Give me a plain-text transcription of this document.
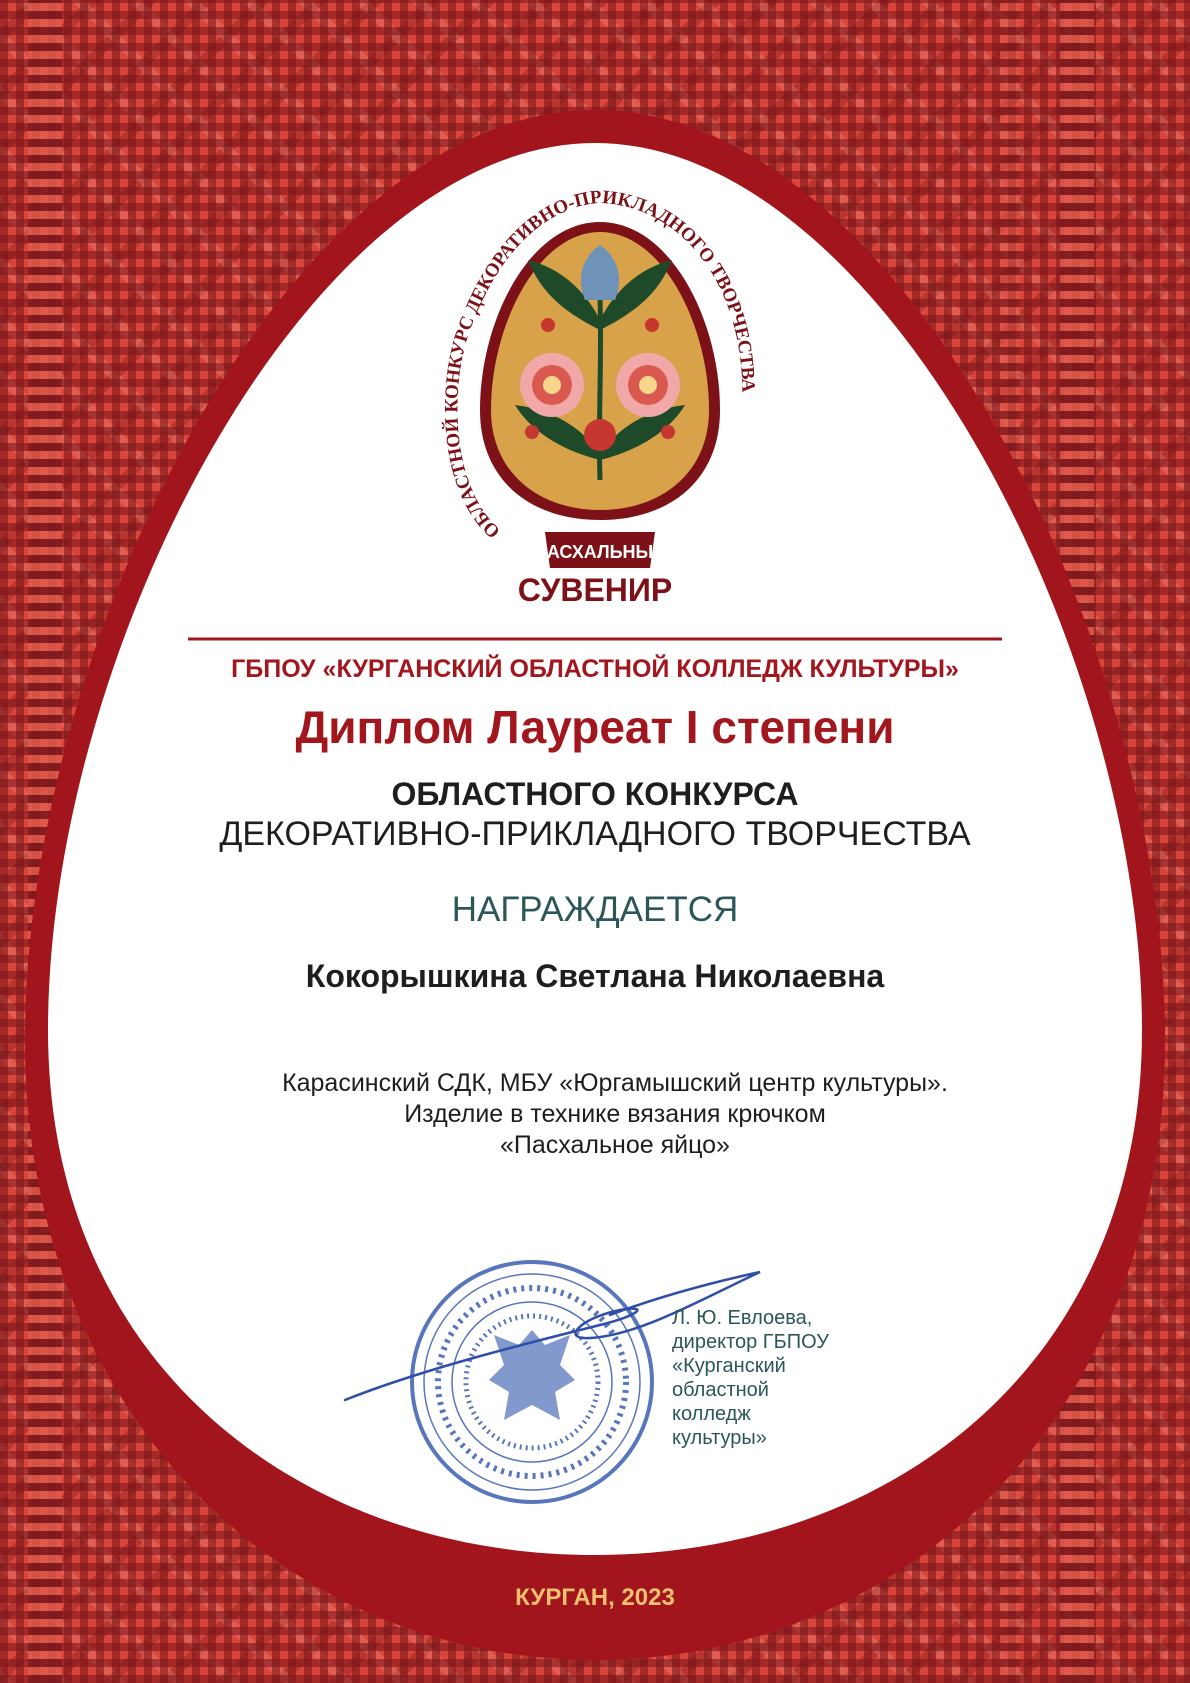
ОБЛАСТНОЙ КОНКУРС ДЕКОРАТИВНО-ПРИКЛАДНОГО ТВОРЧЕСТВА
ПАСХАЛЬНЫЙ
СУВЕНИР
ГБПОУ «КУРГАНСКИЙ ОБЛАСТНОЙ КОЛЛЕДЖ КУЛЬТУРЫ»
Диплом Лауреат I степени
ОБЛАСТНОГО КОНКУРСА
ДЕКОРАТИВНО-ПРИКЛАДНОГО ТВОРЧЕСТВА
НАГРАЖДАЕТСЯ
Кокорышкина Светлана Николаевна
Карасинский СДК, МБУ «Юргамышский центр культуры».
Изделие в технике вязания крючком
«Пасхальное яйцо»
Л. Ю. Евлоева,
директор ГБПОУ
«Курганский
областной
колледж
культуры»
КУРГАН, 2023
